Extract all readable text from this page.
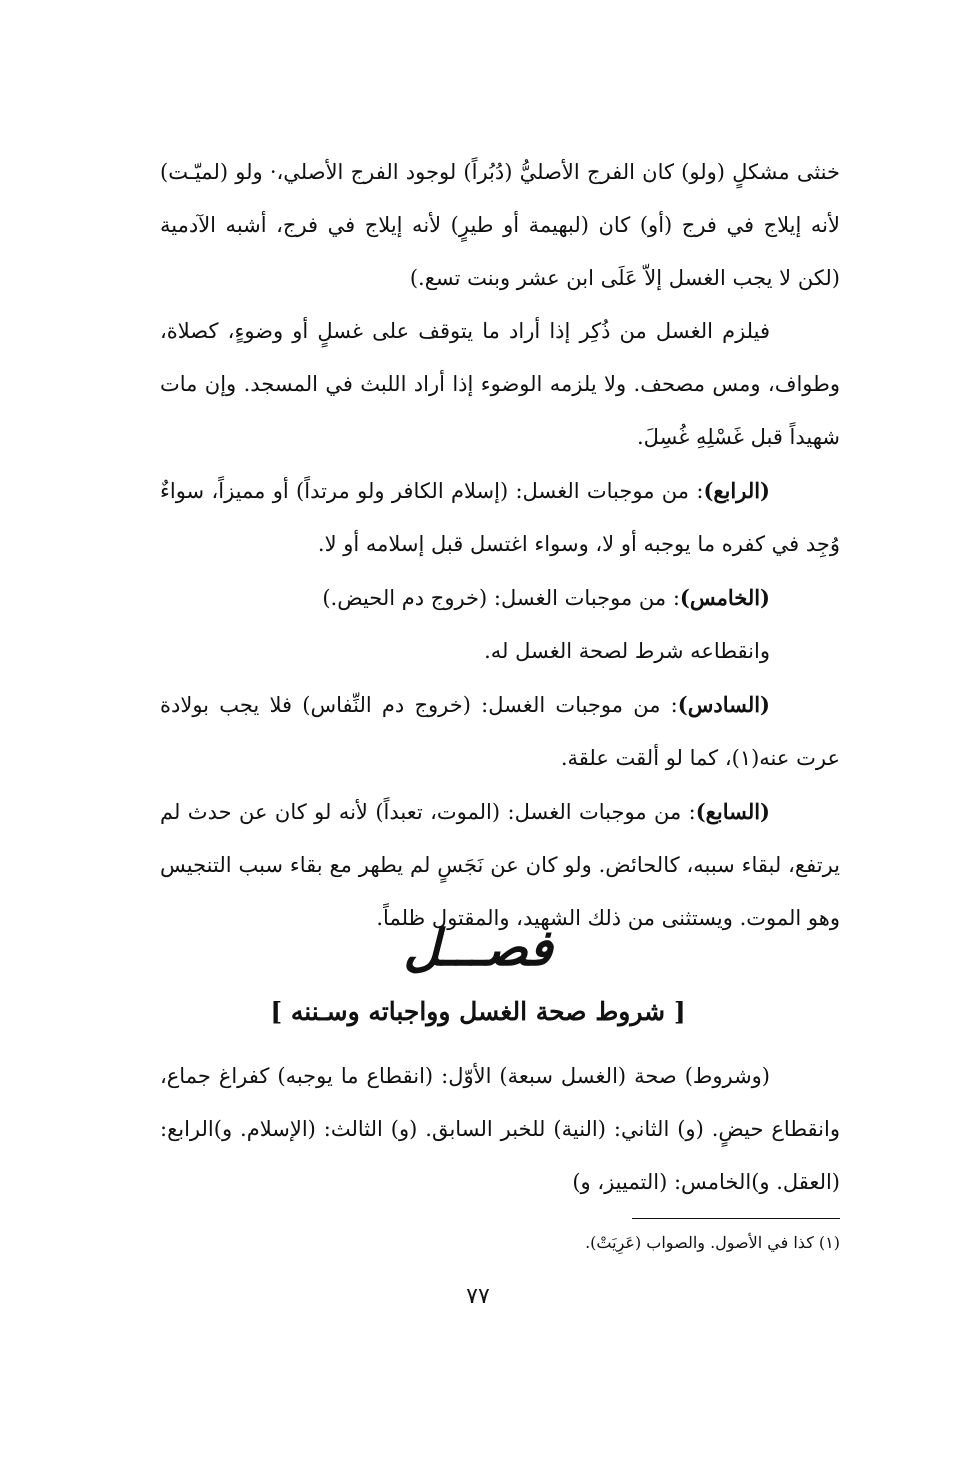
خنثى مشكلٍ (ولو) كان الفرج الأصليُّ (دُبُراً) لوجود الفرج الأصلي،· ولو (لميّـت) لأنه إيلاج في فرج (أو) كان (لبهيمة أو طيرٍ) لأنه إيلاج في فرج، أشبه الآدمية (لكن لا يجب الغسل إلاّ عَلَى ابن عشر وبنت تسع.)

فيلزم الغسل من ذُكِر إذا أراد ما يتوقف على غسلٍ أو وضوءٍ، كصلاة، وطواف، ومس مصحف. ولا يلزمه الوضوء إذا أراد اللبث في المسجد. وإن مات شهيداً قبل غَسْلِهِ غُسِلَ.

(الرابع): من موجبات الغسل: (إسلام الكافر ولو مرتداً) أو مميزاً، سواءٌ وُجِد في كفره ما يوجبه أو لا، وسواء اغتسل قبل إسلامه أو لا.

(الخامس): من موجبات الغسل: (خروج دم الحيض.)

وانقطاعه شرط لصحة الغسل له.

(السادس): من موجبات الغسل: (خروج دم النِّفاس) فلا يجب بولادة عرت عنه(١)، كما لو ألقت علقة.

(السابع): من موجبات الغسل: (الموت، تعبداً) لأنه لو كان عن حدث لم يرتفع، لبقاء سببه، كالحائض. ولو كان عن نَجَسٍ لم يطهر مع بقاء سبب التنجيس وهو الموت. ويستثنى من ذلك الشهيد، والمقتول ظلماً.

فصـــل
[ شروط صحة الغسل وواجباته وسـننه ]

(وشروط) صحة (الغسل سبعة) الأوّل: (انقطاع ما يوجبه) كفراغ جماع، وانقطاع حيضٍ. (و) الثاني: (النية) للخبر السابق. (و) الثالث: (الإسلام. و)الرابع: (العقل. و)الخامس: (التمييز، و)

(١) كذا في الأصول. والصواب (عَرِيَتْ).
٧٧
